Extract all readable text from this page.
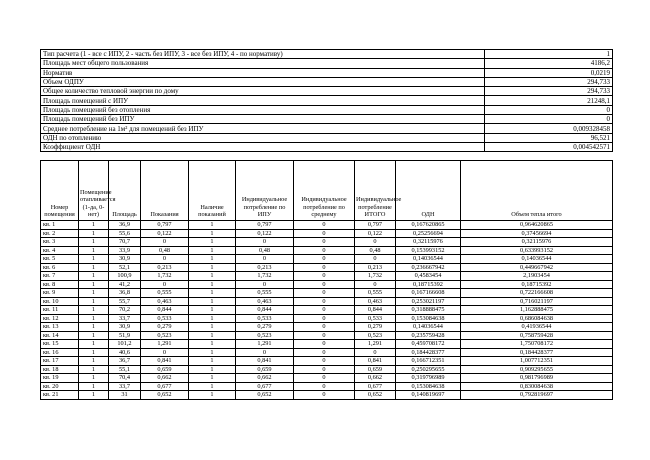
Тип расчета (1 - все с ИПУ, 2 - часть без ИПУ, 3 - все без ИПУ, 4 - по нормативу)	1
Площадь мест общего пользования	4186,2
Норматив	0,0219
Объем ОДПУ	294,733
Общее количество тепловой энергии по дому	294,733
Площадь помещений с ИПУ	21248,1
Площадь помещений без отопления	0
Площадь помещений без ИПУ	0
Среднее потребление на 1м² для помещений без ИПУ	0,009328458
ОДН по отоплению	96,521
Коэффициент ОДН	0,004542571
Номер помещения	Помещение отапливается (1-да, 0-нет)	Площадь	Показания	Наличие показаний	Индивидуальное потребление по ИПУ	Индивидуальное потребление по среднему	Индивидуальное потребление ИТОГО	ОДН	Объем тепла итого
кв. 1	1	36,9	0,797	1	0,797	0	0,797	0,167620865	0,964620865
кв. 2	1	55,6	0,122	1	0,122	0	0,122	0,25256694	0,37456694
кв. 3	1	70,7	0	1	0	0	0	0,32115976	0,32115976
кв. 4	1	33,9	0,48	1	0,48	0	0,48	0,153993152	0,633993152
кв. 5	1	30,9	0	1	0	0	0	0,14036544	0,14036544
кв. 6	1	52,1	0,213	1	0,213	0	0,213	0,236667942	0,449667942
кв. 7	1	100,9	1,732	1	1,732	0	1,732	0,4583454	2,1903454
кв. 8	1	41,2	0	1	0	0	0	0,18715392	0,18715392
кв. 9	1	36,8	0,555	1	0,555	0	0,555	0,167166608	0,722166608
кв. 10	1	55,7	0,463	1	0,463	0	0,463	0,253021197	0,716021197
кв. 11	1	70,2	0,844	1	0,844	0	0,844	0,318888475	1,162888475
кв. 12	1	33,7	0,533	1	0,533	0	0,533	0,153084638	0,686084638
кв. 13	1	30,9	0,279	1	0,279	0	0,279	0,14036544	0,41936544
кв. 14	1	51,9	0,523	1	0,523	0	0,523	0,235759428	0,758759428
кв. 15	1	101,2	1,291	1	1,291	0	1,291	0,459708172	1,750708172
кв. 16	1	40,6	0	1	0	0	0	0,184428377	0,184428377
кв. 17	1	36,7	0,841	1	0,841	0	0,841	0,166712351	1,007712351
кв. 18	1	55,1	0,659	1	0,659	0	0,659	0,250295655	0,909295655
кв. 19	1	70,4	0,662	1	0,662	0	0,662	0,319796989	0,981796989
кв. 20	1	33,7	0,677	1	0,677	0	0,677	0,153084638	0,830084638
кв. 21	1	31	0,652	1	0,652	0	0,652	0,140819697	0,792819697
